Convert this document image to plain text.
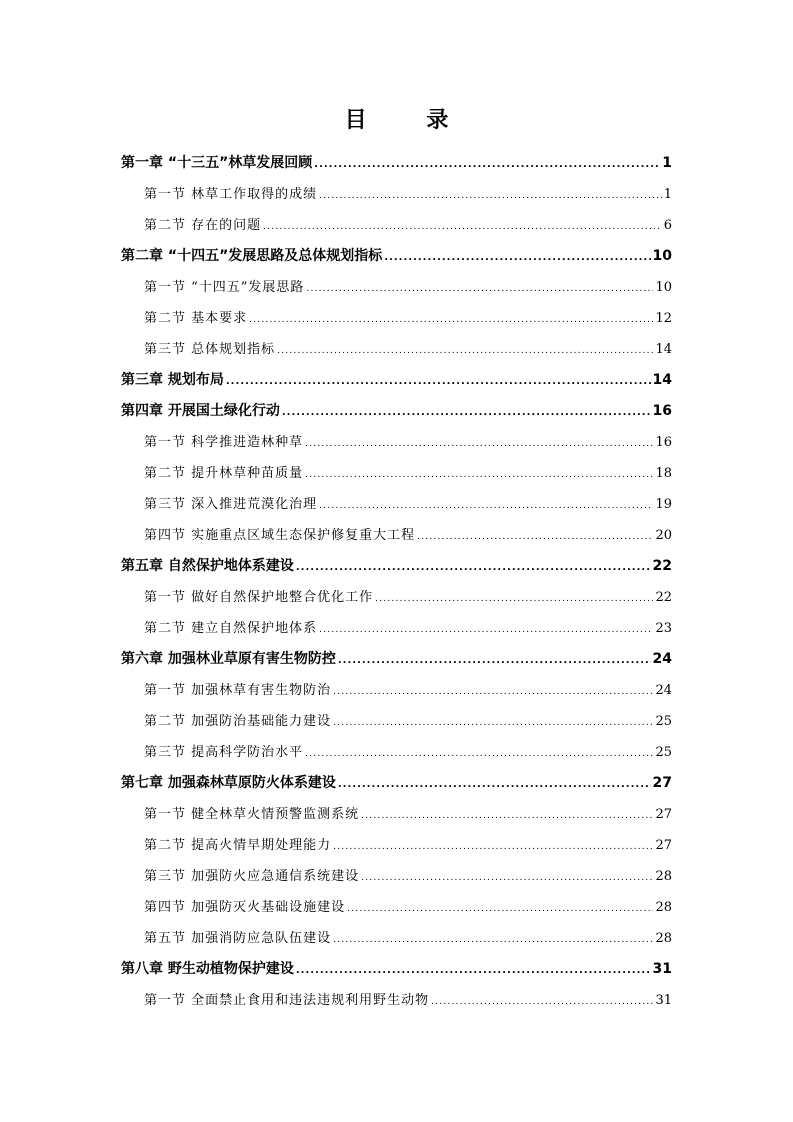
目 录
第一章 “十三五”林草发展回顾 .....	1
第一节 林草工作取得的成绩 .....	1
第二节 存在的问题 .....	6
第二章 “十四五”发展思路及总体规划指标 .....	10
第一节 “十四五”发展思路 .....	10
第二节 基本要求 .....	12
第三节 总体规划指标 .....	14
第三章 规划布局 .....	14
第四章 开展国土绿化行动 .....	16
第一节 科学推进造林种草 .....	16
第二节 提升林草种苗质量 .....	18
第三节 深入推进荒漠化治理 .....	19
第四节 实施重点区域生态保护修复重大工程 .....	20
第五章 自然保护地体系建设 .....	22
第一节 做好自然保护地整合优化工作 .....	22
第二节 建立自然保护地体系 .....	23
第六章 加强林业草原有害生物防控 .....	24
第一节 加强林草有害生物防治 .....	24
第二节 加强防治基础能力建设 .....	25
第三节 提高科学防治水平 .....	25
第七章 加强森林草原防火体系建设 .....	27
第一节 健全林草火情预警监测系统 .....	27
第二节 提高火情早期处理能力 .....	27
第三节 加强防火应急通信系统建设 .....	28
第四节 加强防灭火基础设施建设 .....	28
第五节 加强消防应急队伍建设 .....	28
第八章 野生动植物保护建设 .....	31
第一节 全面禁止食用和违法违规利用野生动物 .....	31
